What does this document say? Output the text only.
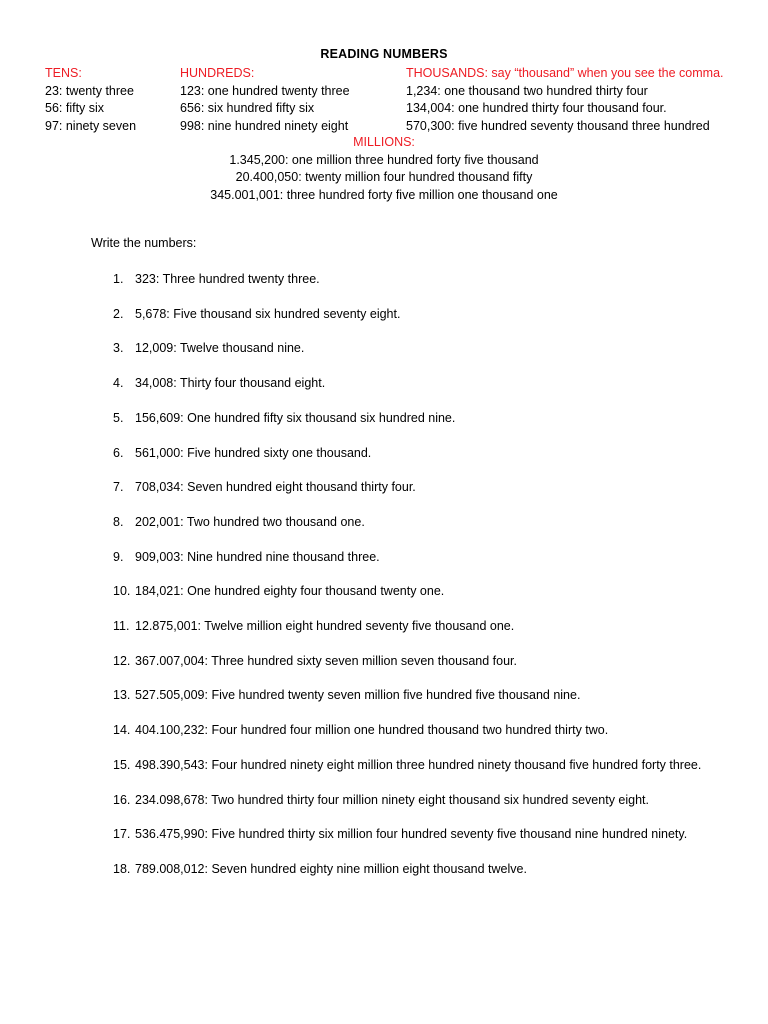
READING NUMBERS
TENS:
23: twenty three
56: fifty six
97: ninety seven
HUNDREDS:
123: one hundred twenty three
656: six hundred fifty six
998: nine hundred ninety eight
THOUSANDS: say “thousand” when you see the comma.
1,234: one thousand two hundred thirty four
134,004: one hundred thirty four thousand four.
570,300: five hundred seventy thousand three hundred
MILLIONS:
1.345,200: one million three hundred forty five thousand
20.400,050: twenty million four hundred thousand fifty
345.001,001: three hundred forty five million one thousand one
Write the numbers:
1. 323: Three hundred twenty three.
2. 5,678: Five thousand six hundred seventy eight.
3. 12,009: Twelve thousand nine.
4. 34,008: Thirty four thousand eight.
5. 156,609: One hundred fifty six thousand six hundred nine.
6. 561,000: Five hundred sixty one thousand.
7. 708,034: Seven hundred eight thousand thirty four.
8. 202,001: Two hundred two thousand one.
9. 909,003: Nine hundred nine thousand three.
10. 184,021: One hundred eighty four thousand twenty one.
11. 12.875,001: Twelve million eight hundred seventy five thousand one.
12. 367.007,004: Three hundred sixty seven million seven thousand four.
13. 527.505,009: Five hundred twenty seven million five hundred five thousand nine.
14. 404.100,232: Four hundred four million one hundred thousand two hundred thirty two.
15. 498.390,543: Four hundred ninety eight million three hundred ninety thousand five hundred forty three.
16. 234.098,678: Two hundred thirty four million ninety eight thousand six hundred seventy eight.
17. 536.475,990: Five hundred thirty six million four hundred seventy five thousand nine hundred ninety.
18. 789.008,012: Seven hundred eighty nine million eight thousand twelve.
